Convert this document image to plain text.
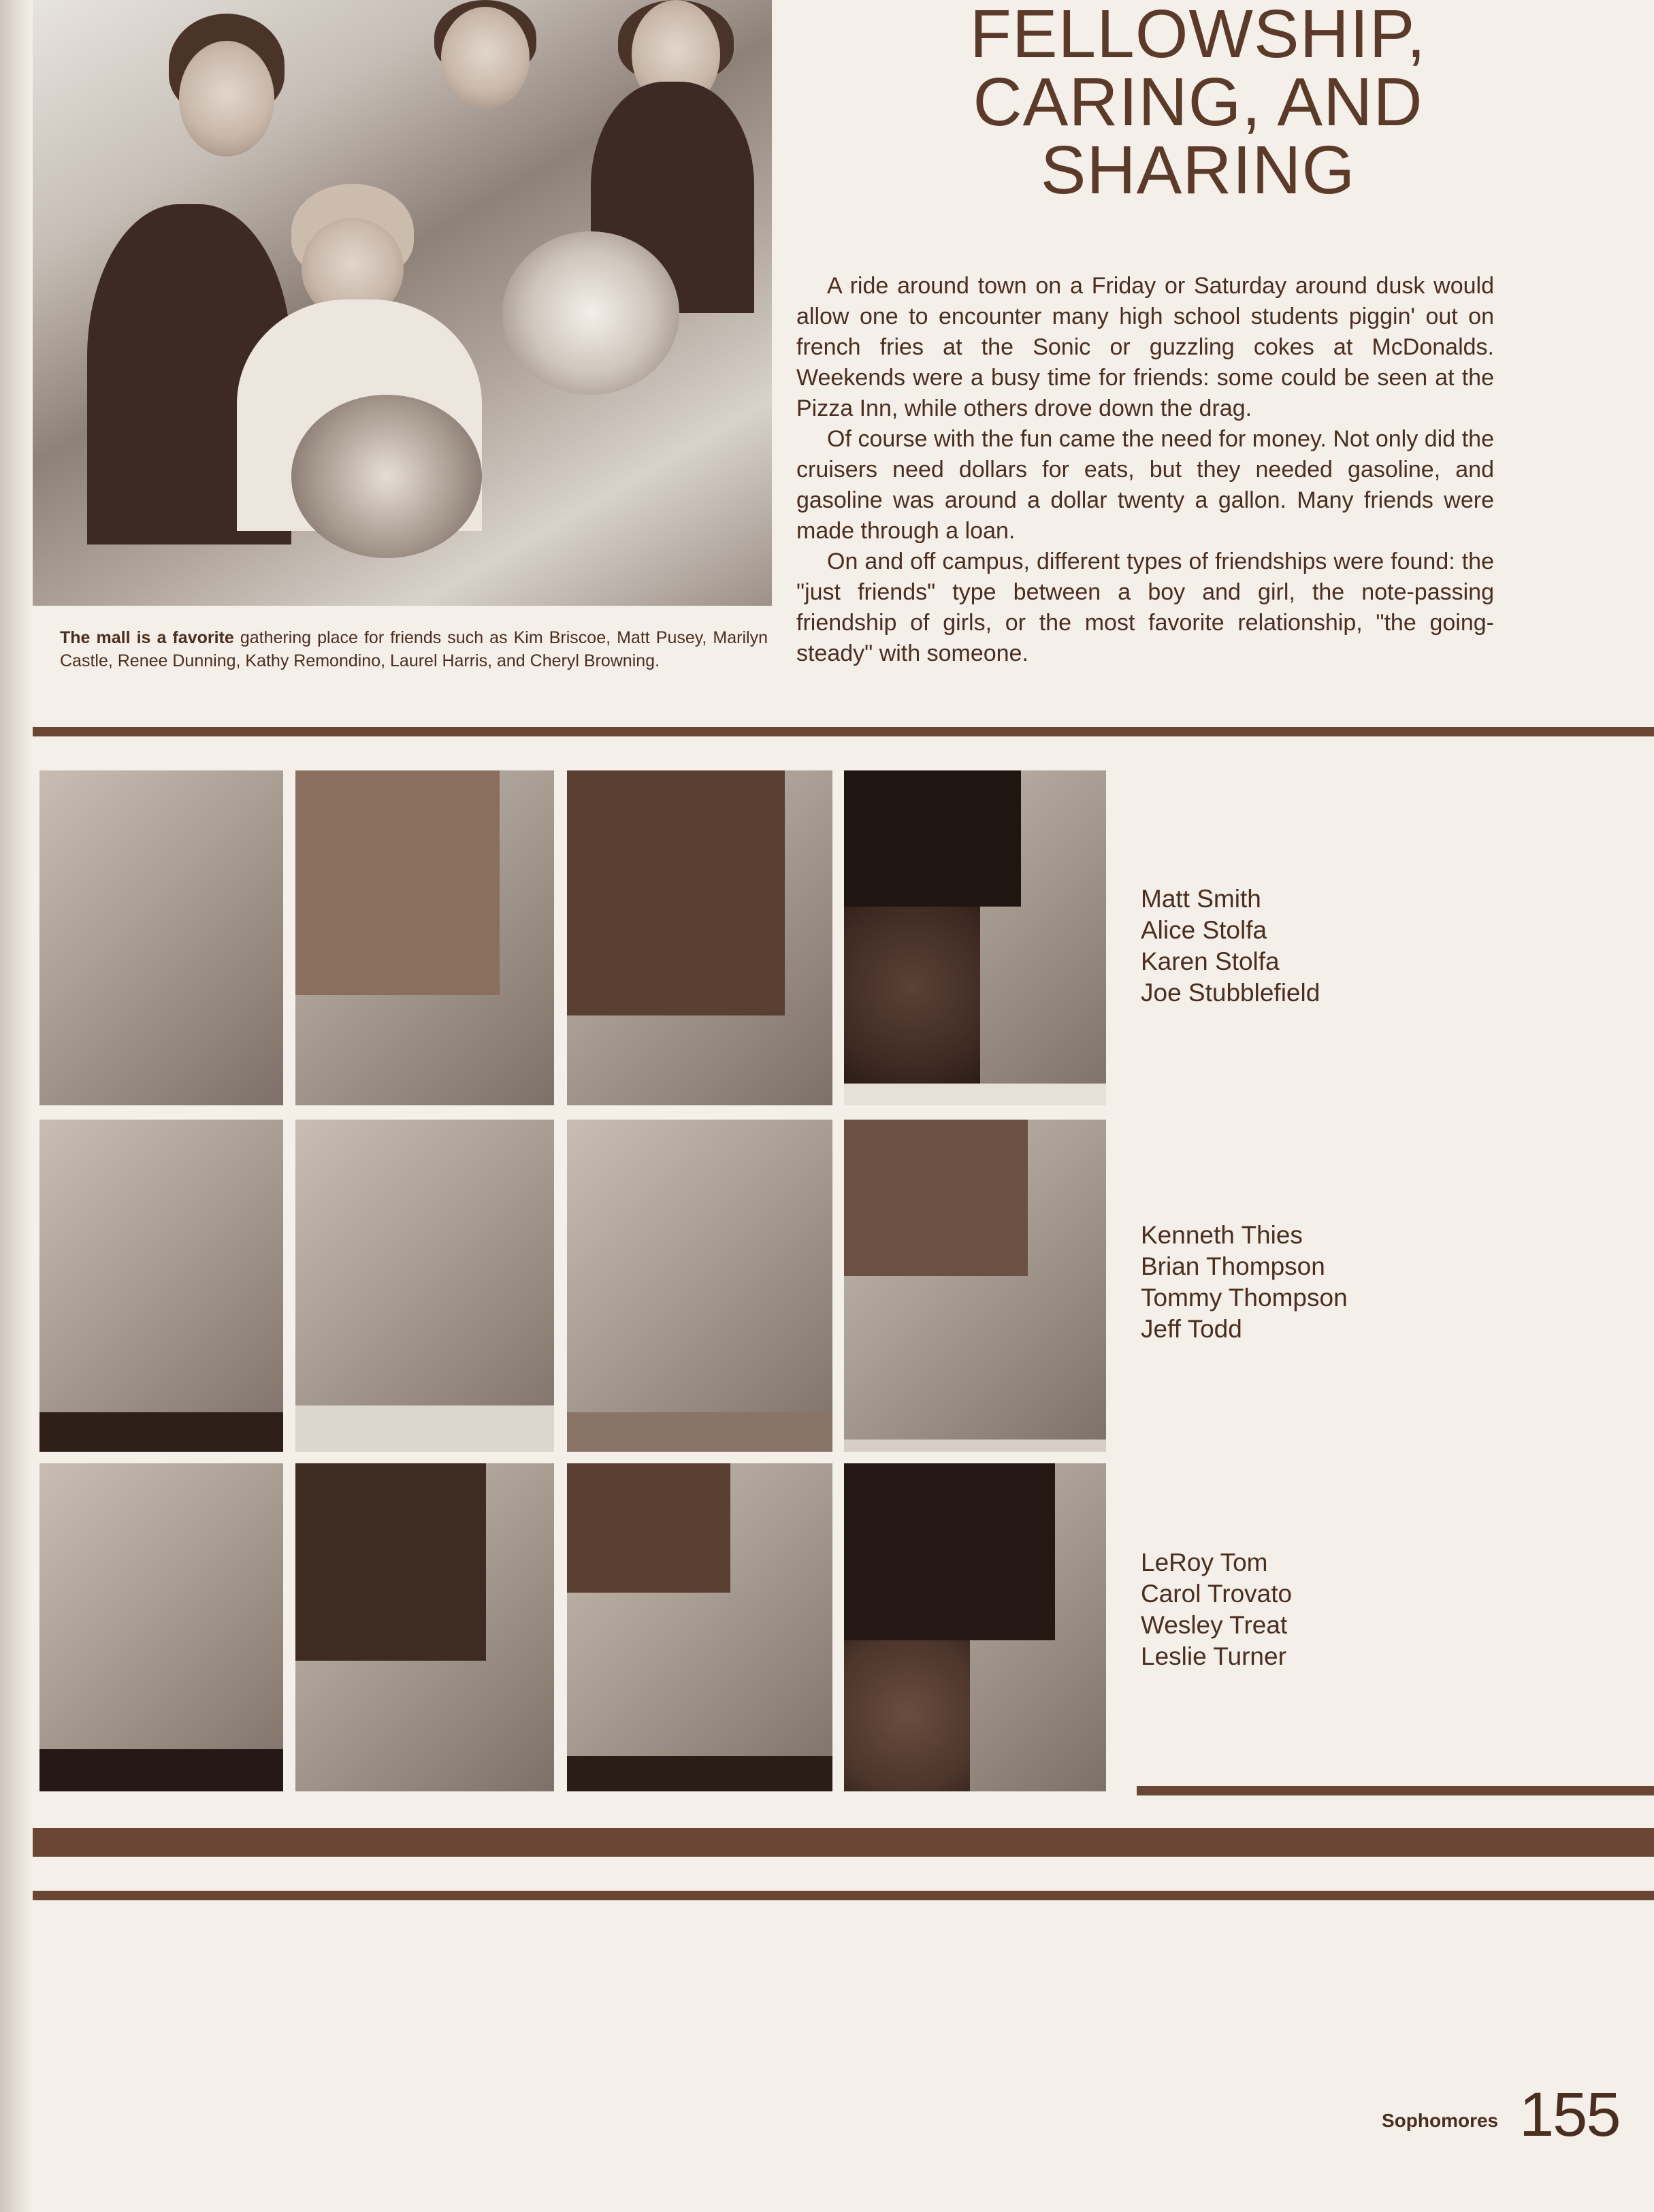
The mall is a favorite gathering place for friends such as Kim Briscoe, Matt Pusey, Marilyn Castle, Renee Dunning, Kathy Remondino, Laurel Harris, and Cheryl Browning.
FELLOWSHIP,
CARING, AND
SHARING

A ride around town on a Friday or Saturday around dusk would allow one to encounter many high school students piggin' out on french fries at the Sonic or guzzling cokes at McDonalds. Weekends were a busy time for friends: some could be seen at the Pizza Inn, while others drove down the drag.

Of course with the fun came the need for money. Not only did the cruisers need dollars for eats, but they needed gasoline, and gasoline was around a dollar twenty a gallon. Many friends were made through a loan.

On and off campus, different types of friendships were found: the "just friends" type between a boy and girl, the note-passing friendship of girls, or the most favorite relationship, "the going-steady" with someone.

Matt Smith
Alice Stolfa
Karen Stolfa
Joe Stubblefield
Kenneth Thies
Brian Thompson
Tommy Thompson
Jeff Todd
LeRoy Tom
Carol Trovato
Wesley Treat
Leslie Turner
Sophomores 155
